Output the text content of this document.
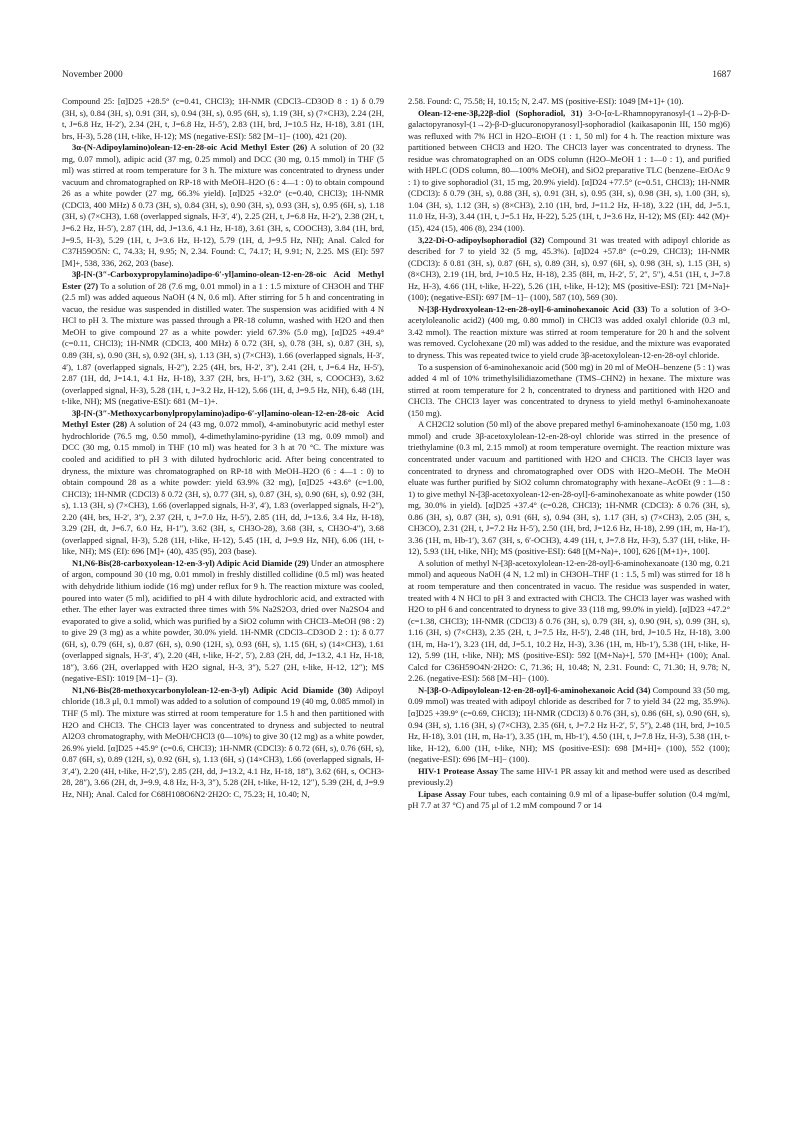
November 2000	1687

Compound 25: [α]D25 +28.5° (c=0.41, CHCl3); 1H-NMR (CDCl3–CD3OD 8 : 1) δ 0.79 (3H, s), 0.84 (3H, s), 0.91 (3H, s), 0.94 (3H, s), 0.95 (6H, s), 1.19 (3H, s) (7×CH3), 2.24 (2H, t, J=6.8 Hz, H-2′), 2.34 (2H, t, J=6.8 Hz, H-5′), 2.83 (1H, brd, J=10.5 Hz, H-18), 3.81 (1H, brs, H-3), 5.28 (1H, t-like, H-12); MS (negative-ESI): 582 [M−1]− (100), 421 (20).

3α-(N-Adipoylamino)olean-12-en-28-oic Acid Methyl Ester (26) A solution of 20 (32 mg, 0.07 mmol), adipic acid (37 mg, 0.25 mmol) and DCC (30 mg, 0.15 mmol) in THF (5 ml) was stirred at room temperature for 3 h. The mixture was concentrated to dryness under vacuum and chromatographed on RP-18 with MeOH–H2O (6 : 4—1 : 0) to obtain compound 26 as a white powder (27 mg, 66.3% yield). [α]D25 +32.0° (c=0.40, CHCl3); 1H-NMR (CDCl3, 400 MHz) δ 0.73 (3H, s), 0.84 (3H, s), 0.90 (3H, s), 0.93 (3H, s), 0.95 (6H, s), 1.18 (3H, s) (7×CH3), 1.68 (overlapped signals, H-3′, 4′), 2.25 (2H, t, J=6.8 Hz, H-2′), 2.38 (2H, t, J=6.2 Hz, H-5′), 2.87 (1H, dd, J=13.6, 4.1 Hz, H-18), 3.61 (3H, s, COOCH3), 3.84 (1H, brd, J=9.5, H-3), 5.29 (1H, t, J=3.6 Hz, H-12), 5.79 (1H, d, J=9.5 Hz, NH); Anal. Calcd for C37H59O5N: C, 74.33; H, 9.95; N, 2.34. Found: C, 74.17; H, 9.91; N, 2.25. MS (EI): 597 [M]+, 538, 336, 262, 203 (base).

3β-[N-(3″-Carboxypropylamino)adipo-6′-yl]amino-olean-12-en-28-oic Acid Methyl Ester (27) To a solution of 28 (7.6 mg, 0.01 mmol) in a 1 : 1.5 mixture of CH3OH and THF (2.5 ml) was added aqueous NaOH (4 N, 0.6 ml). After stirring for 5 h and concentrating in vacuo, the residue was suspended in distilled water. The suspension was acidified with 4 N HCl to pH 3. The mixture was passed through a PR-18 column, washed with H2O and then MeOH to give compound 27 as a white powder: yield 67.3% (5.0 mg), [α]D25 +49.4° (c=0.11, CHCl3); 1H-NMR (CDCl3, 400 MHz) δ 0.72 (3H, s), 0.78 (3H, s), 0.87 (3H, s), 0.89 (3H, s), 0.90 (3H, s), 0.92 (3H, s), 1.13 (3H, s) (7×CH3), 1.66 (overlapped signals, H-3′, 4′), 1.87 (overlapped signals, H-2″), 2.25 (4H, brs, H-2′, 3″), 2.41 (2H, t, J=6.4 Hz, H-5′), 2.87 (1H, dd, J=14.1, 4.1 Hz, H-18), 3.37 (2H, brs, H-1″), 3.62 (3H, s, COOCH3), 3.62 (overlapped signal, H-3), 5.28 (1H, t, J=3.2 Hz, H-12), 5.66 (1H, d, J=9.5 Hz, NH), 6.48 (1H, t-like, NH); MS (negative-ESI): 681 (M−1)+.

3β-[N-(3″-Methoxycarbonylpropylamino)adipo-6′-yl]amino-olean-12-en-28-oic Acid Methyl Ester (28) A solution of 24 (43 mg, 0.072 mmol), 4-aminobutyric acid methyl ester hydrochloride (76.5 mg, 0.50 mmol), 4-dimethylamino-pyridine (13 mg, 0.09 mmol) and DCC (30 mg, 0.15 mmol) in THF (10 ml) was heated for 3 h at 70 °C. The mixture was cooled and acidified to pH 3 with diluted hydrochloric acid. After being concentrated to dryness, the mixture was chromatographed on RP-18 with MeOH–H2O (6 : 4—1 : 0) to obtain compound 28 as a white powder: yield 63.9% (32 mg), [α]D25 +43.6° (c=1.00, CHCl3); 1H-NMR (CDCl3) δ 0.72 (3H, s), 0.77 (3H, s), 0.87 (3H, s), 0.90 (6H, s), 0.92 (3H, s), 1.13 (3H, s) (7×CH3), 1.66 (overlapped signals, H-3′, 4′), 1.83 (overlapped signals, H-2″), 2.20 (4H, brs, H-2′, 3″), 2.37 (2H, t, J=7.0 Hz, H-5′), 2.85 (1H, dd, J=13.6, 3.4 Hz, H-18), 3.29 (2H, dt, J=6.7, 6.0 Hz, H-1″), 3.62 (3H, s, CH3O-28), 3.68 (3H, s, CH3O-4″), 3.68 (overlapped signal, H-3), 5.28 (1H, t-like, H-12), 5.45 (1H, d, J=9.9 Hz, NH), 6.06 (1H, t-like, NH); MS (EI): 696 [M]+ (40), 435 (95), 203 (base).

N1,N6-Bis(28-carboxyolean-12-en-3-yl) Adipic Acid Diamide (29) Under an atmosphere of argon, compound 30 (10 mg, 0.01 mmol) in freshly distilled collidine (0.5 ml) was heated with dehydride lithium iodide (16 mg) under reflux for 9 h. The reaction mixture was cooled, poured into water (5 ml), acidified to pH 4 with dilute hydrochloric acid, and extracted with ether. The ether layer was extracted three times with 5% Na2S2O3, dried over Na2SO4 and evaporated to give a solid, which was purified by a SiO2 column with CHCl3–MeOH (98 : 2) to give 29 (3 mg) as a white powder, 30.0% yield. 1H-NMR (CDCl3–CD3OD 2 : 1): δ 0.77 (6H, s), 0.79 (6H, s), 0.87 (6H, s), 0.90 (12H, s), 0.93 (6H, s), 1.15 (6H, s) (14×CH3), 1.61 (overlapped signals, H-3′, 4′), 2.20 (4H, t-like, H-2′, 5′), 2.83 (2H, dd, J=13.2, 4.1 Hz, H-18, 18″), 3.66 (2H, overlapped with H2O signal, H-3, 3″), 5.27 (2H, t-like, H-12, 12″); MS (negative-ESI): 1019 [M−1]− (3).

N1,N6-Bis(28-methoxycarbonylolean-12-en-3-yl) Adipic Acid Diamide (30) Adipoyl chloride (18.3 μl, 0.1 mmol) was added to a solution of compound 19 (40 mg, 0.085 mmol) in THF (5 ml). The mixture was stirred at room temperature for 1.5 h and then partitioned with H2O and CHCl3. The CHCl3 layer was concentrated to dryness and subjected to neutral Al2O3 chromatography, with MeOH/CHCl3 (0—10%) to give 30 (12 mg) as a white powder, 26.9% yield. [α]D25 +45.9° (c=0.6, CHCl3); 1H-NMR (CDCl3): δ 0.72 (6H, s), 0.76 (6H, s), 0.87 (6H, s), 0.89 (12H, s), 0.92 (6H, s), 1.13 (6H, s) (14×CH3), 1.66 (overlapped signals, H-3′,4′), 2.20 (4H, t-like, H-2′,5′), 2.85 (2H, dd, J=13.2, 4.1 Hz, H-18, 18″), 3.62 (6H, s, OCH3-28, 28″), 3.66 (2H, dt, J=9.9, 4.8 Hz, H-3, 3″), 5.28 (2H, t-like, H-12, 12″), 5.39 (2H, d, J=9.9 Hz, NH); Anal. Calcd for C68H108O6N2·2H2O: C, 75.23; H, 10.40; N,

2.58. Found: C, 75.58; H, 10.15; N, 2.47. MS (positive-ESI): 1049 [M+1]+ (10).

Olean-12-ene-3β,22β-diol (Sophoradiol, 31) 3-O-[α-L-Rhamnopyranosyl-(1→2)-β-D-galactopyranosyl-(1→2)-β-D-glucuronopyranosyl]-sophoradiol (kaikasaponin III, 150 mg)6) was refluxed with 7% HCl in H2O–EtOH (1 : 1, 50 ml) for 4 h. The reaction mixture was partitioned between CHCl3 and H2O. The CHCl3 layer was concentrated to dryness. The residue was chromatographed on an ODS column (H2O–MeOH 1 : 1—0 : 1), and purified with HPLC (ODS column, 80—100% MeOH), and SiO2 preparative TLC (benzene–EtOAc 9 : 1) to give sophoradiol (31, 15 mg, 20.9% yield). [α]D24 +77.5° (c=0.51, CHCl3); 1H-NMR (CDCl3): δ 0.79 (3H, s), 0.88 (3H, s), 0.91 (3H, s), 0.95 (3H, s), 0.98 (3H, s), 1.00 (3H, s), 1.04 (3H, s), 1.12 (3H, s) (8×CH3), 2.10 (1H, brd, J=11.2 Hz, H-18), 3.22 (1H, dd, J=5.1, 11.0 Hz, H-3), 3.44 (1H, t, J=5.1 Hz, H-22), 5.25 (1H, t, J=3.6 Hz, H-12); MS (EI): 442 (M)+ (15), 424 (15), 406 (8), 234 (100).

3,22-Di-O-adipoylsophoradiol (32) Compound 31 was treated with adipoyl chloride as described for 7 to yield 32 (5 mg, 45.3%). [α]D24 +57.8° (c=0.29, CHCl3); 1H-NMR (CDCl3): δ 0.81 (3H, s), 0.87 (6H, s), 0.89 (3H, s), 0.97 (6H, s), 0.98 (3H, s), 1.15 (3H, s) (8×CH3), 2.19 (1H, brd, J=10.5 Hz, H-18), 2.35 (8H, m, H-2′, 5′, 2″, 5″), 4.51 (1H, t, J=7.8 Hz, H-3), 4.66 (1H, t-like, H-22), 5.26 (1H, t-like, H-12); MS (positive-ESI): 721 [M+Na]+ (100); (negative-ESI): 697 [M−1]− (100), 587 (10), 569 (30).

N-[3β-Hydroxyolean-12-en-28-oyl]-6-aminohexanoic Acid (33) To a solution of 3-O-acetyloleanolic acid2) (400 mg, 0.80 mmol) in CHCl3 was added oxalyl chloride (0.3 ml, 3.42 mmol). The reaction mixture was stirred at room temperature for 20 h and the solvent was removed. Cyclohexane (20 ml) was added to the residue, and the mixture was evaporated to dryness. This was repeated twice to yield crude 3β-acetoxylolean-12-en-28-oyl chloride.

To a suspension of 6-aminohexanoic acid (500 mg) in 20 ml of MeOH–benzene (5 : 1) was added 4 ml of 10% trimethylsilidiazomethane (TMS–CHN2) in hexane. The mixture was stirred at room temperature for 2 h, concentrated to dryness and partitioned with H2O and CHCl3. The CHCl3 layer was concentrated to dryness to yield methyl 6-aminohexanoate (150 mg).

A CH2Cl2 solution (50 ml) of the above prepared methyl 6-aminohexanoate (150 mg, 1.03 mmol) and crude 3β-acetoxylolean-12-en-28-oyl chloride was stirred in the presence of triethylamine (0.3 ml, 2.15 mmol) at room temperature overnight. The reaction mixture was concentrated under vacuum and partitioned with H2O and CHCl3. The CHCl3 layer was concentrated to dryness and chromatographed over ODS with H2O–MeOH. The MeOH eluate was further purified by SiO2 column chromatography with hexane–AcOEt (9 : 1—8 : 1) to give methyl N-[3β-acetoxyolean-12-en-28-oyl]-6-aminohexanoate as white powder (150 mg, 30.0% in yield). [α]D25 +37.4° (c=0.28, CHCl3); 1H-NMR (CDCl3): δ 0.76 (3H, s), 0.86 (3H, s), 0.87 (3H, s), 0.91 (6H, s), 0.94 (3H, s), 1.17 (3H, s) (7×CH3), 2.05 (3H, s, CH3CO), 2.31 (2H, t, J=7.2 Hz H-5′), 2.50 (1H, brd, J=12.6 Hz, H-18), 2.99 (1H, m, Ha-1′), 3.36 (1H, m, Hb-1′), 3.67 (3H, s, 6′-OCH3), 4.49 (1H, t, J=7.8 Hz, H-3), 5.37 (1H, t-like, H-12), 5.93 (1H, t-like, NH); MS (positive-ESI): 648 [(M+Na)+, 100], 626 [(M+1)+, 100].

A solution of methyl N-[3β-acetoxylolean-12-en-28-oyl]-6-aminohexanoate (130 mg, 0.21 mmol) and aqueous NaOH (4 N, 1.2 ml) in CH3OH–THF (1 : 1.5, 5 ml) was stirred for 18 h at room temperature and then concentrated in vacuo. The residue was suspended in water, treated with 4 N HCl to pH 3 and extracted with CHCl3. The CHCl3 layer was washed with H2O to pH 6 and concentrated to dryness to give 33 (118 mg, 99.0% in yield). [α]D23 +47.2° (c=1.38, CHCl3); 1H-NMR (CDCl3) δ 0.76 (3H, s), 0.79 (3H, s), 0.90 (9H, s), 0.99 (3H, s), 1.16 (3H, s) (7×CH3), 2.35 (2H, t, J=7.5 Hz, H-5′), 2.48 (1H, brd, J=10.5 Hz, H-18), 3.00 (1H, m, Ha-1′), 3.23 (1H, dd, J=5.1, 10.2 Hz, H-3), 3.36 (1H, m, Hb-1′), 5.38 (1H, t-like, H-12), 5.99 (1H, t-like, NH); MS (positive-ESI): 592 [(M+Na)+], 570 [M+H]+ (100); Anal. Calcd for C36H59O4N·2H2O: C, 71.36; H, 10.48; N, 2.31. Found: C, 71.30; H, 9.78; N, 2.26. (negative-ESI): 568 [M−H]− (100).

N-[3β-O-Adipoylolean-12-en-28-oyl]-6-aminohexanoic Acid (34) Compound 33 (50 mg, 0.09 mmol) was treated with adipoyl chloride as described for 7 to yield 34 (22 mg, 35.9%). [α]D25 +39.9° (c=0.69, CHCl3); 1H-NMR (CDCl3) δ 0.76 (3H, s), 0.86 (6H, s), 0.90 (6H, s), 0.94 (3H, s), 1.16 (3H, s) (7×CH3), 2.35 (6H, t, J=7.2 Hz H-2′, 5′, 5″), 2.48 (1H, brd, J=10.5 Hz, H-18), 3.01 (1H, m, Ha-1′), 3.35 (1H, m, Hb-1′), 4.50 (1H, t, J=7.8 Hz, H-3), 5.38 (1H, t-like, H-12), 6.00 (1H, t-like, NH); MS (positive-ESI): 698 [M+H]+ (100), 552 (100); (negative-ESI): 696 [M−H]− (100).

HIV-1 Protease Assay The same HIV-1 PR assay kit and method were used as described previously.2)

Lipase Assay Four tubes, each containing 0.9 ml of a lipase-buffer solution (0.4 mg/ml, pH 7.7 at 37 °C) and 75 μl of 1.2 mM compound 7 or 14
